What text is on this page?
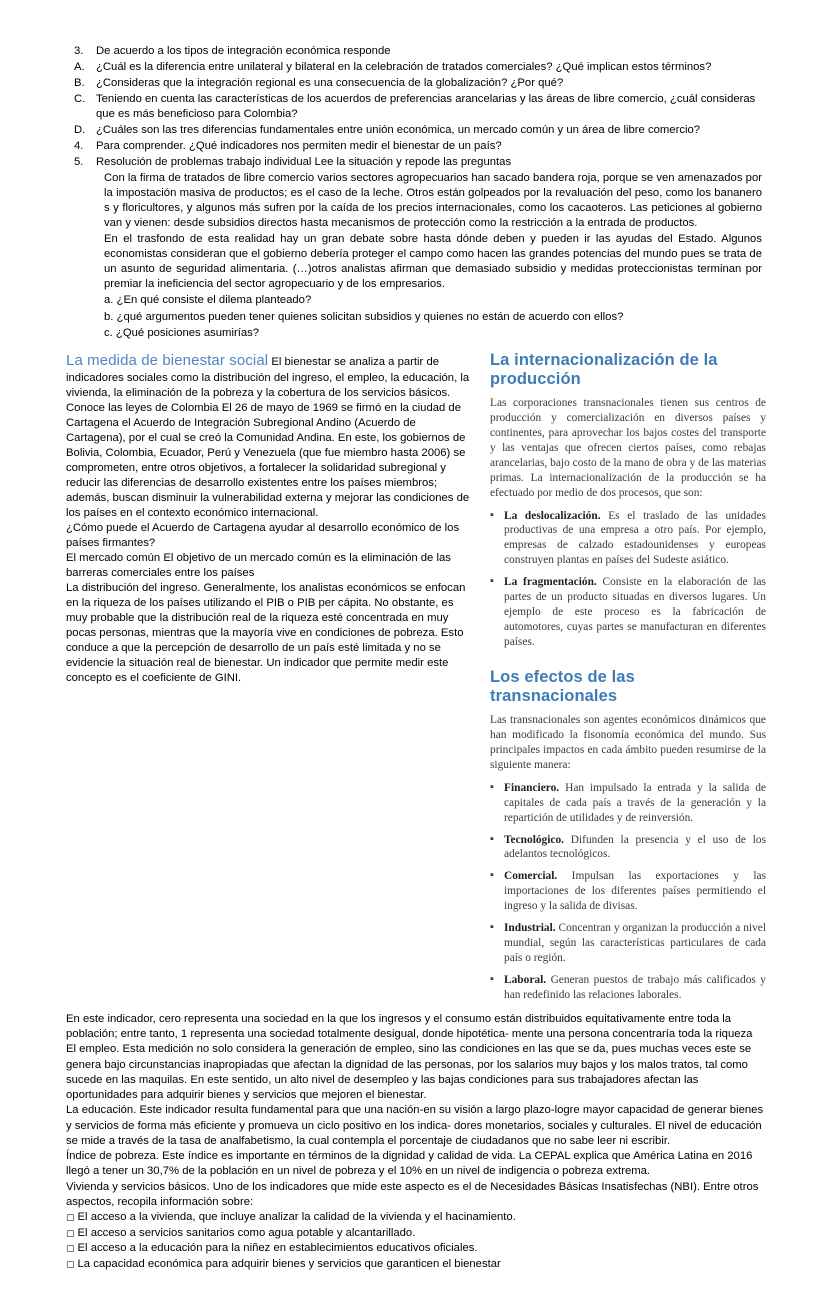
3.	De acuerdo a los tipos de integración económica responde
A.	¿Cuál es la diferencia entre unilateral y bilateral en la celebración de tratados comerciales? ¿Qué implican estos términos?
B.	¿Consideras que la integración regional es una consecuencia de la globalización? ¿Por qué?
C. Teniendo en cuenta las características de los acuerdos de preferencias arancelarias y las áreas de libre comercio, ¿cuál consideras que es más beneficioso para Colombia?
D. ¿Cuáles son las tres diferencias fundamentales entre unión económica, un mercado común y un área de libre comercio?
4.	Para comprender. ¿Qué indicadores nos permiten medir el bienestar de un país?
5.	Resolución de problemas trabajo individual Lee la situación y repode las preguntas
Con la firma de tratados de libre comercio varios sectores agropecuarios han sacado bandera roja, porque se ven amenazados por la impostación masiva de productos; es el caso de la leche. Otros están golpeados por la revaluación del peso, como los bananero s y floricultores, y algunos más sufren por la caída de los precios internacionales, como los cacaoteros. Las peticiones al gobierno van y vienen: desde subsidios directos hasta mecanismos de protección como la restricción a la entrada de productos.
En el trasfondo de esta realidad hay un gran debate sobre hasta dónde deben y pueden ir las ayudas del Estado. Algunos economistas consideran que el gobierno debería proteger el campo como hacen las grandes potencias del mundo pues se trata de un asunto de seguridad alimentaria. (…)otros analistas afirman que demasiado subsidio y medidas proteccionistas terminan por premiar la ineficiencia del sector agropecuario y de los empresarios.
a. ¿En qué consiste el dilema planteado?
b. ¿qué argumentos pueden tener quienes solicitan subsidios y quienes no están de acuerdo con ellos?
c. ¿Qué posiciones asumirías?

La medida de bienestar social El bienestar se analiza a partir de indicadores sociales como la distribución del ingreso, el empleo, la educación, la vivienda, la eliminación de la pobreza y la cobertura de los servicios básicos.

Conoce las leyes de Colombia El 26 de mayo de 1969 se firmó en la ciudad de Cartagena el Acuerdo de Integración Subregional Andino (Acuerdo de Cartagena), por el cual se creó la Comunidad Andina. En este, los gobiernos de Bolivia, Colombia, Ecuador, Perú y Venezuela (que fue miembro hasta 2006) se comprometen, entre otros objetivos, a fortalecer la solidaridad subregional y reducir las diferencias de desarrollo existentes entre los países miembros; además, buscan disminuir la vulnerabilidad externa y mejorar las condiciones de los países en el contexto económico internacional.

¿Cómo puede el Acuerdo de Cartagena ayudar al desarrollo económico de los países firmantes?

El mercado común El objetivo de un mercado común es la eliminación de las barreras comerciales entre los países

La distribución del ingreso. Generalmente, los analistas económicos se enfocan en la riqueza de los países utilizando el PIB o PIB per cápita. No obstante, es muy probable que la distribución real de la riqueza esté concentrada en muy pocas personas, mientras que la mayoría vive en condiciones de pobreza. Esto conduce a que la percepción de desarrollo de un país esté limitada y no se evidencie la situación real de bienestar. Un indicador que permite medir este concepto es el coeficiente de GINI.

La internacionalización de la producción

Las corporaciones transnacionales tienen sus centros de producción y comercialización en diversos países y continentes, para aprovechar los bajos costes del transporte y las ventajas que ofrecen ciertos países, como rebajas arancelarias, bajo costo de la mano de obra y de las materias primas. La internacionalización de la producción se ha efectuado por medio de dos procesos, que son:

▪ La deslocalización. Es el traslado de las unidades productivas de una empresa a otro país. Por ejemplo, empresas de calzado estadounidenses y europeas construyen plantas en países del Sudeste asiático.
▪ La fragmentación. Consiste en la elaboración de las partes de un producto situadas en diversos lugares. Un ejemplo de este proceso es la fabricación de automotores, cuyas partes se manufacturan en diferentes países.
Los efectos de las transnacionales

Las transnacionales son agentes económicos dinámicos que han modificado la fisonomía económica del mundo. Sus principales impactos en cada ámbito pueden resumirse de la siguiente manera:

▪ Financiero. Han impulsado la entrada y la salida de capitales de cada país a través de la generación y la repartición de utilidades y de reinversión.
▪ Tecnológico. Difunden la presencia y el uso de los adelantos tecnológicos.
▪ Comercial. Impulsan las exportaciones y las importaciones de los diferentes países permitiendo el ingreso y la salida de divisas.
▪ Industrial. Concentran y organizan la producción a nivel mundial, según las características particulares de cada país o región.
▪ Laboral. Generan puestos de trabajo más calificados y han redefinido las relaciones laborales.

En este indicador, cero representa una sociedad en la que los ingresos y el consumo están distribuidos equitativamente entre toda la población; entre tanto, 1 representa una sociedad totalmente desigual, donde hipotética- mente una persona concentraría toda la riqueza

El empleo. Esta medición no solo considera la generación de empleo, sino las condiciones en las que se da, pues muchas veces este se genera bajo circunstancias inapropiadas que afectan la dignidad de las personas, por los salarios muy bajos y los malos tratos, tal como sucede en las maquilas. En este sentido, un alto nivel de desempleo y las bajas condiciones para sus trabajadores afectan las oportunidades para adquirir bienes y servicios que mejoren el bienestar.

La educación. Este indicador resulta fundamental para que una nación-en su visión a largo plazo-logre mayor capacidad de generar bienes y servicios de forma más eficiente y promueva un ciclo positivo en los indica- dores monetarios, sociales y culturales. El nivel de educación se mide a través de la tasa de analfabetismo, la cual contempla el porcentaje de ciudadanos que no sabe leer ni escribir.

Índice de pobreza. Este índice es importante en términos de la dignidad y calidad de vida. La CEPAL explica que América Latina en 2016 llegó a tener un 30,7% de la población en un nivel de pobreza y el 10% en un nivel de indigencia o pobreza extrema.

Vivienda y servicios básicos. Uno de los indicadores que mide este aspecto es el de Necesidades Básicas Insatisfechas (NBI). Entre otros aspectos, recopila información sobre:

▢ El acceso a la vivienda, que incluye analizar la calidad de la vivienda y el hacinamiento.
▢ El acceso a servicios sanitarios como agua potable y alcantarillado.
▢ El acceso a la educación para la niñez en establecimientos educativos oficiales.
▢ La capacidad económica para adquirir bienes y servicios que garanticen el bienestar
